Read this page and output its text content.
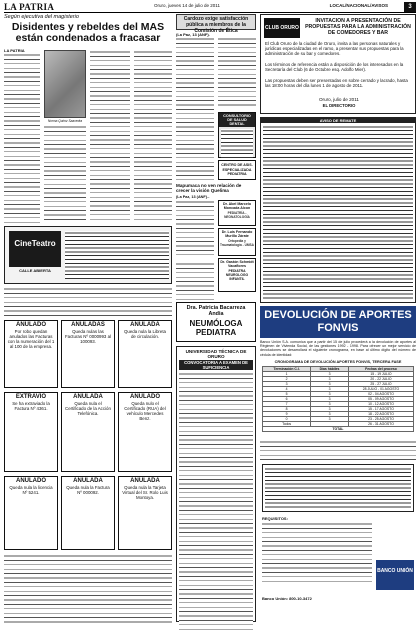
LA PATRIA	Oruro, jueves 14 de julio de 2011	LOCAL/NACIONAL/AVISOS	3
Según ejecutiva del magisterio
Disidentes y rebeldes del MAS están condenados a fracasar
LA PATRIA
Norma Quiroz Saavedra
CineTeatro
CALLE ABIERTA
ANULADO
Por robo quedan anulados las Facturas con la numeración del 1 al 100 de la empresa.
ANULADAS
Queda nulas las Facturas Nº 0000993 al 100093.
ANULADA
Queda nula la Libreta de circulación.
EXTRAVIO
Se ha extraviado la Factura Nº 4361.
ANULADA
Queda nula el Certificado de la Acción Telefónica.
ANULADO
Queda nulo el Certificado (RUA) del vehículo Mercedes Benz.
ANULADO
Queda nula la licencia Nº 5241.
ANULADA
Queda nula la Factura Nº 000092.
ANULADA
Queda nula la Tarjeta Virtual del Sr. Rolo Luis Montoya.
Cardozo exige satisfacción pública a miembros de la Comisión de Ética
(La Paz, 13 (ANF).
CONSULTORIO DE SALUD DENTAL
CENTRO DE ASIS. ESPECIALIZADA PEDIATRIA
Mapumaca no ven relación de crecer la visión Quelima
(La Paz, 13 (ANF).-
Dr. Abel Marcelo Moncada Alcon
PEDIATRÍA - NEONATOLOGÍA
Dr. Luis Fernando Murillo Zárate
Ortopedia y Traumatología - UMSA
Dr. Gastón Schmidt Vacaflores
PEDIATRA NEUROLOGO INFANTIL
Dra. Patricia Bacarreza Andia
NEUMÓLOGA PEDIATRA
UNIVERSIDAD TÉCNICA DE ORURO
CONVOCATORIA A EXAMEN DE SUFICIENCIA
CLUB ORURO
INVITACION A PRESENTACIÓN DE PROPUESTAS PARA LA ADMINISTRACIÓN DE COMEDORES Y BAR
El Club Oruro de la ciudad de Oruro, invita a las personas naturales y jurídicas especializadas en el ramo, a presentar sus propuestas para la administración de su bar y comedores.
Los términos de referencia están a disposición de los interesados en la Secretaría del Club (6 de Octubre esq. Adolfo Mier).
Las propuestas deben ser presentadas en sobre cerrado y lacrado, hasta las 18:00 horas del día lunes 1 de agosto de 2011.
Oruro, julio de 2011
EL DIRECTORIO
AVISO DE REMATE
DEVOLUCIÓN DE APORTES FONVIS
Banco Unión S.A. comunica que a partir del 15 de julio procederá a la devolución de aportes al Régimen de Vivienda Social, de las gestiones 1992 - 1998. Para ofrecer un mejor servicio de devoluciones se desarrollará el siguiente cronograma, en base al último dígito del número de cédula de identidad:
CRONOGRAMA DE DEVOLUCIÓN APORTES FONVIS, TERCERA FASE
Terminación C.I.	Días hábiles	Fechas del proceso
1	3	15 - 19 JULIO
2	3	20 - 22 JULIO
3	3	25 - 27 JULIO
4	3	28 JULIO - 01 AGOSTO
5	3	02 - 04 AGOSTO
6	3	05 - 09 AGOSTO
7	3	10 - 12 AGOSTO
8	3	15 - 17 AGOSTO
9	3	18 - 22 AGOSTO
0	3	23 - 25 AGOSTO
Todos		26 - 31 AGOSTO
TOTAL		
REQUISITOS:
BANCO UNIÓN
Banco Unión: 800-10-3472
